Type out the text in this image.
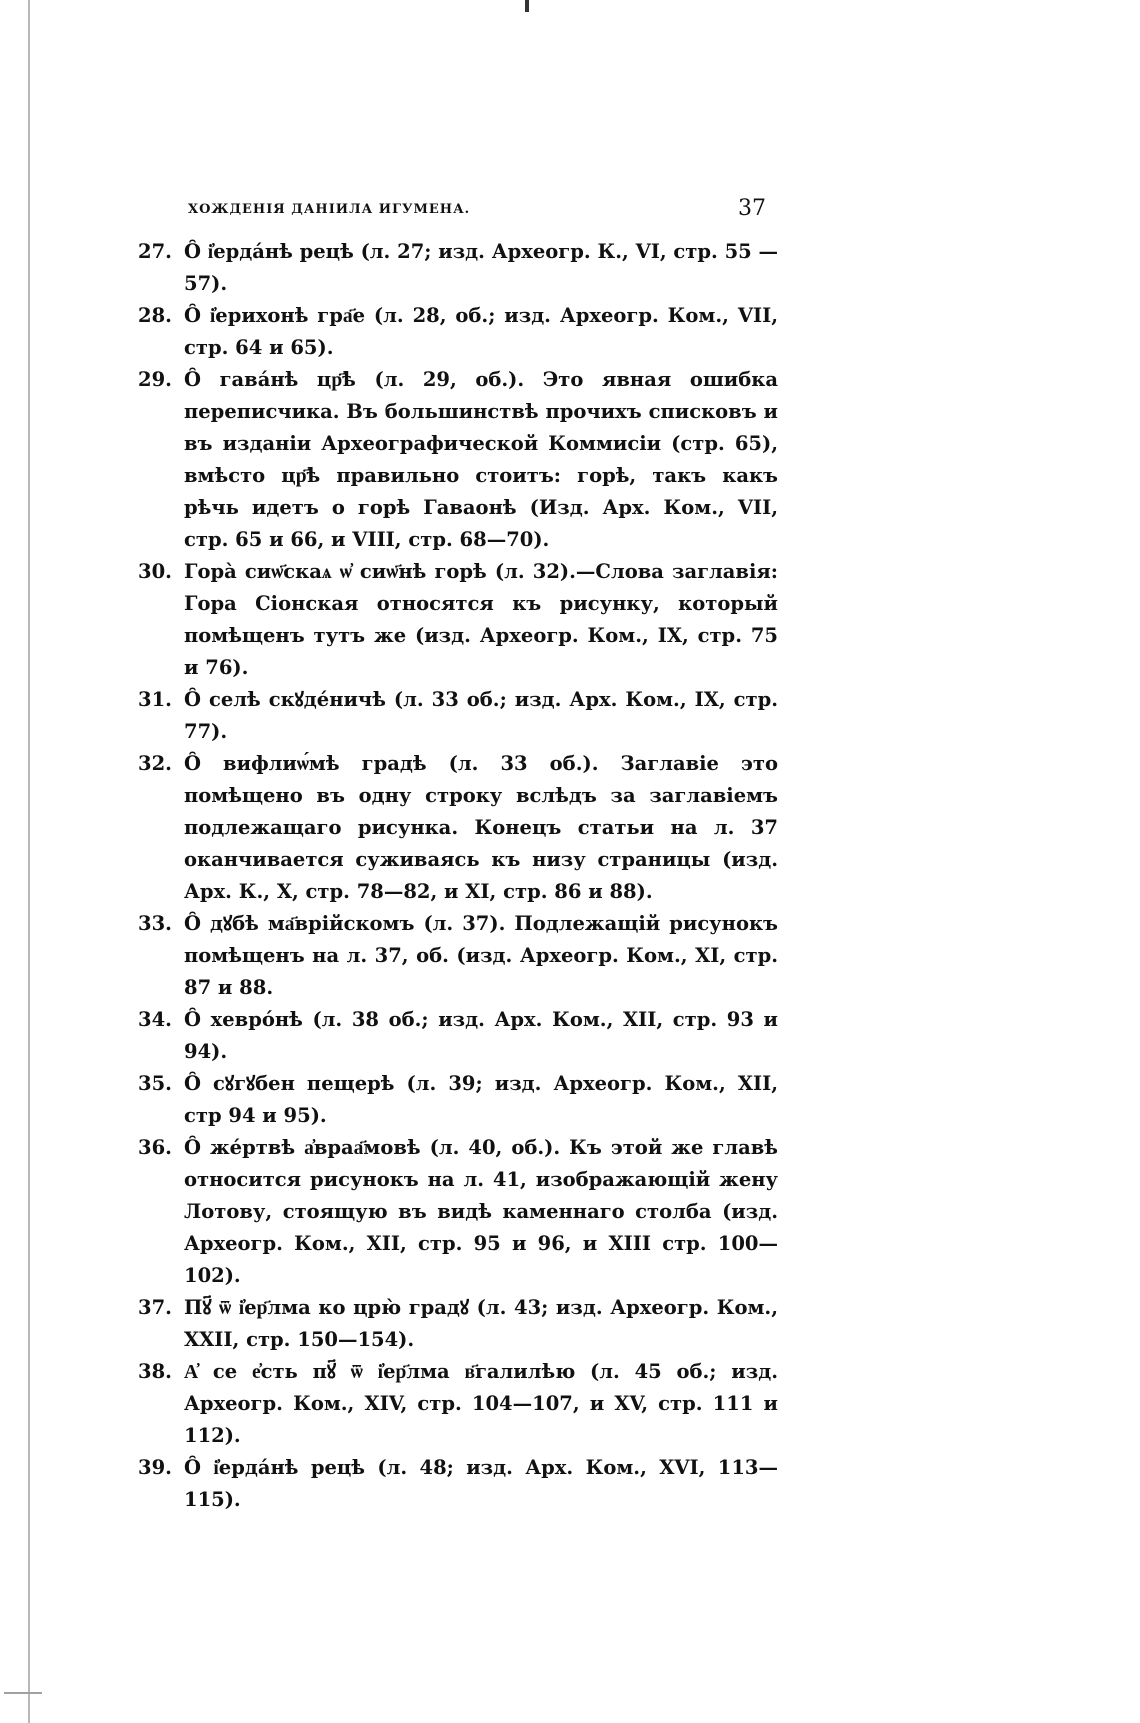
ХОЖДЕНІЯ ДАНІИЛА ИГУМЕНА.	37
27. О̑ і҆ерда́нѣ рецѣ (л. 27; изд. Археогр. К., VI, стр. 55 —57).
28. О̑ і҆ерихонѣ гра҃е (л. 28, об.; изд. Археогр. Ком., VII, стр. 64 и 65).
29. О̑ гава́нѣ цр҃ѣ (л. 29, об.). Это явная ошибка переписчика. Въ большинствѣ прочихъ списковъ и въ изданіи Археографической Коммисіи (стр. 65), вмѣсто цр҃ѣ правильно стоитъ: горѣ, такъ какъ рѣчь идетъ о горѣ Гаваонѣ (Изд. Арх. Ком., VII, стр. 65 и 66, и VIII, стр. 68—70).
30. Гора̀ сиѡ҃скаѧ ѡ҆ сиѡ҃нѣ горѣ (л. 32).—Слова заглавія: Гора Сіонская относятся къ рисунку, который помѣщенъ тутъ же (изд. Археогр. Ком., IX, стр. 75 и 76).
31. О̑ селѣ скꙋде́ничѣ (л. 33 об.; изд. Арх. Ком., IX, стр. 77).
32. О̑ вифлиѡ́мѣ градѣ (л. 33 об.). Заглавіе это помѣщено въ одну строку вслѣдъ за заглавіемъ подлежащаго рисунка. Конецъ статьи на л. 37 оканчивается суживаясь къ низу страницы (изд. Арх. К., X, стр. 78—82, и XI, стр. 86 и 88).
33. О̑ дꙋбѣ ма҃врійскомъ (л. 37). Подлежащій рисунокъ помѣщенъ на л. 37, об. (изд. Археогр. Ком., XI, стр. 87 и 88.
34. О̑ хеврóнѣ (л. 38 об.; изд. Арх. Ком., XII, стр. 93 и 94).
35. О̑ сꙋгꙋбен пещерѣ (л. 39; изд. Археогр. Ком., XII, стр 94 и 95).
36. О̑ же́ртвѣ а҆враа҃мовѣ (л. 40, об.). Къ этой же главѣ относится рисунокъ на л. 41, изображающій жену Лотову, стоящую въ видѣ каменнаго столба (изд. Археогр. Ком., XII, стр. 95 и 96, и XIII стр. 100—102).
37. Пꙋ҃ ѿ і҆ер҃лма ко црю̀ градꙋ (л. 43; изд. Археогр. Ком., XXII, стр. 150—154).
38. А҆ се е҆сть пꙋ҃ ѿ і҆ер҃лма в҃галилѣю (л. 45 об.; изд. Археогр. Ком., XIV, стр. 104—107, и XV, стр. 111 и 112).
39. О̑ і҆ерда́нѣ рецѣ (л. 48; изд. Арх. Ком., XVI, 113—115).
